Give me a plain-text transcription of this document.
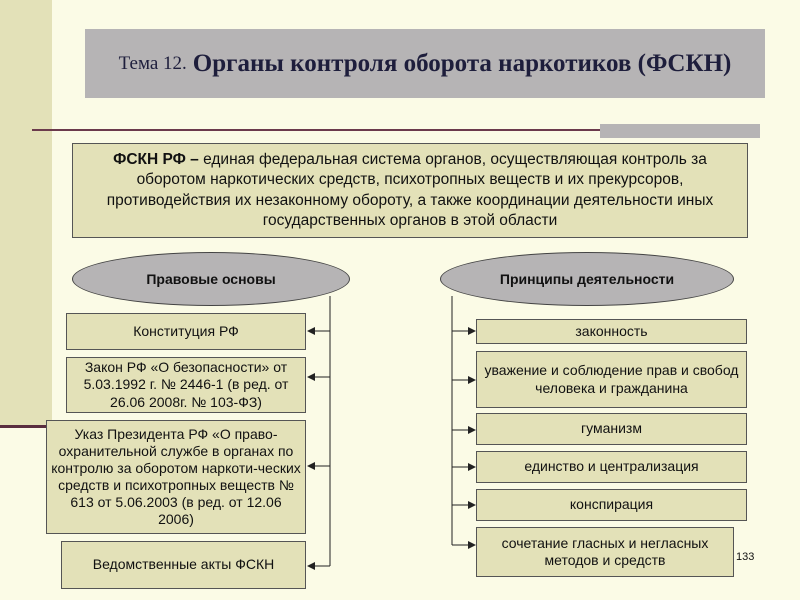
Тема 12. Органы контроля оборота наркотиков (ФСКН)
ФСКН РФ – единая федеральная система органов, осуществляющая контроль за оборотом наркотических средств, психотропных веществ и их прекурсоров, противодействия их незаконному обороту, а также координации деятельности иных государственных органов в этой области
Правовые основы	Принципы деятельности
Конституция РФ
Закон РФ «О безопасности» от 5.03.1992 г. № 2446-1 (в ред. от 26.06 2008г. № 103-ФЗ)
Указ Президента РФ «О право-охранительной службе в органах по контролю за оборотом наркоти-ческих средств и психотропных веществ № 613 от 5.06.2003 (в ред. от 12.06 2006)
Ведомственные акты ФСКН
законность
уважение и соблюдение прав и свобод человека и гражданина
гуманизм
единство и централизация
конспирация
сочетание гласных и негласных методов и средств	133
